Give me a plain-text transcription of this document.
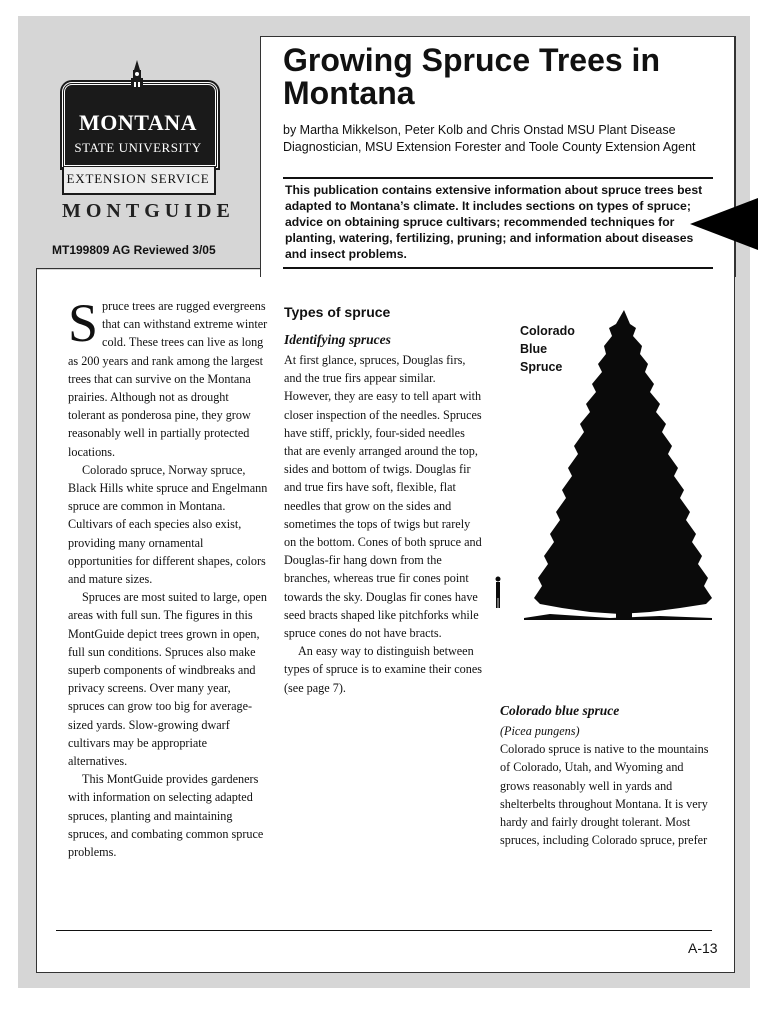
MONTANA
STATE UNIVERSITY
EXTENSION SERVICE
MONTGUIDE
MT199809 AG Reviewed 3/05
Growing Spruce Trees in Montana
by Martha Mikkelson, Peter Kolb and Chris Onstad MSU Plant Disease Diagnostician, MSU Extension Forester and Toole County Extension Agent
This publication contains extensive information about spruce trees best adapted to Montana’s climate. It includes sections on types of spruce; advice on obtaining spruce cultivars; recommended techniques for planting, watering, fertilizing, pruning; and information about diseases and insect problems.

Spruce trees are rugged evergreens that can withstand extreme winter cold. These trees can live as long as 200 years and rank among the largest trees that can survive on the Montana prairies. Although not as drought tolerant as ponderosa pine, they grow reasonably well in partially protected locations.

Colorado spruce, Norway spruce, Black Hills white spruce and Engelmann spruce are common in Montana. Cultivars of each species also exist, providing many ornamental opportunities for different shapes, colors and mature sizes.

Spruces are most suited to large, open areas with full sun. The figures in this MontGuide depict trees grown in open, full sun conditions. Spruces also make superb components of windbreaks and privacy screens. Over many year, spruces can grow too big for average-sized yards. Slow-growing dwarf cultivars may be appropriate alternatives.

This MontGuide provides gardeners with information on selecting adapted spruces, planting and maintaining spruces, and combating common spruce problems.

Types of spruce
Identifying spruces

At first glance, spruces, Douglas firs, and the true firs appear similar. However, they are easy to tell apart with closer inspection of the needles. Spruces have stiff, prickly, four-sided needles that are evenly arranged around the top, sides and bottom of twigs. Douglas fir and true firs have soft, flexible, flat needles that grow on the sides and sometimes the tops of twigs but rarely on the bottom. Cones of both spruce and Douglas-fir hang down from the branches, whereas true fir cones point towards the sky. Douglas fir cones have seed bracts shaped like pitchforks while spruce cones do not have bracts.

An easy way to distinguish between types of spruce is to examine their cones (see page 7).

Colorado
Blue
Spruce
Colorado blue spruce

(Picea pungens)

Colorado spruce is native to the mountains of Colorado, Utah, and Wyoming and grows reasonably well in yards and shelterbelts throughout Montana. It is very hardy and fairly drought tolerant. Most spruces, including Colorado spruce, prefer

A-13
